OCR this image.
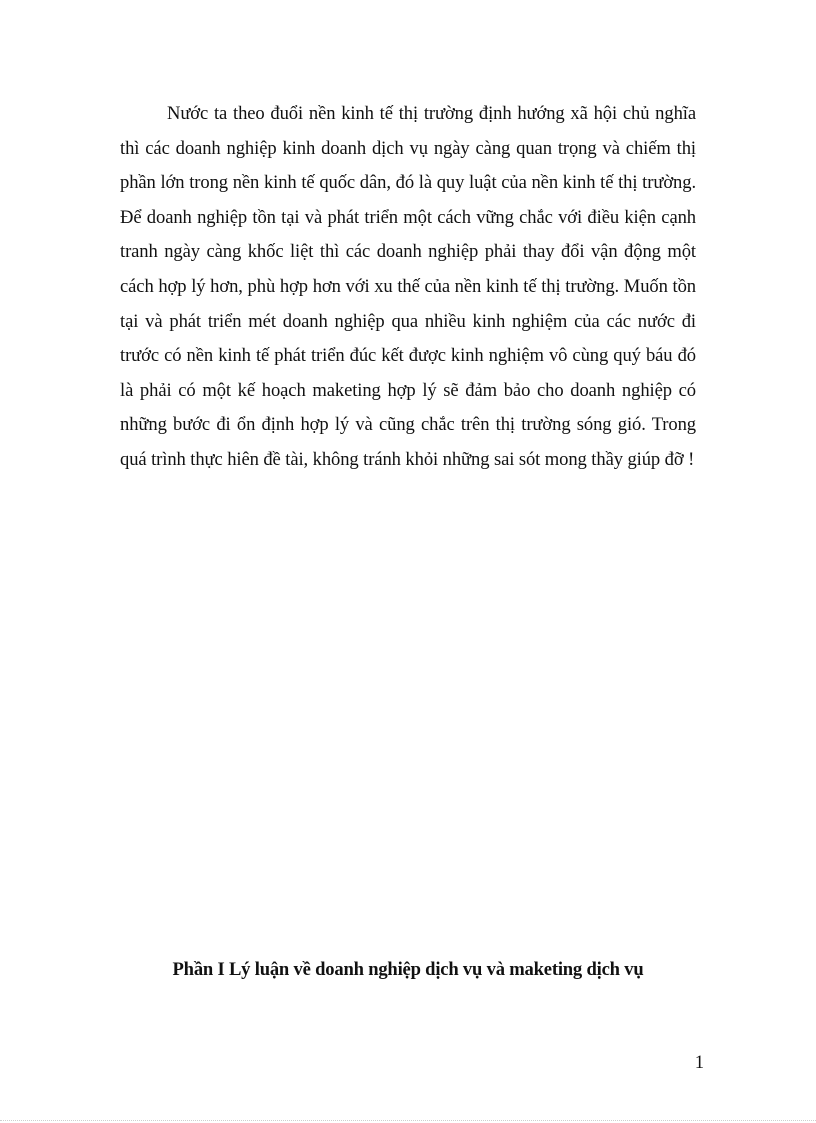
Nước ta theo đuổi nền kinh tế thị trường định hướng xã hội chủ nghĩa thì các doanh nghiệp kinh doanh dịch vụ ngày càng quan trọng và chiếm thị phần lớn trong nền kinh tế quốc dân, đó là quy luật của nền kinh tế thị trường. Để doanh nghiệp tồn tại và phát triển một cách vững chắc với điều kiện cạnh tranh ngày càng khốc liệt thì các doanh nghiệp phải thay đổi vận động một cách hợp lý hơn, phù hợp hơn với xu thế của nền kinh tế thị trường. Muốn tồn tại và phát triển mét doanh nghiệp qua nhiều kinh nghiệm của các nước đi trước có nền kinh tế phát triển đúc kết được kinh nghiệm vô cùng quý báu đó là phải có một kế hoạch maketing hợp lý sẽ đảm bảo cho doanh nghiệp có những bước đi ổn định hợp lý và cũng chắc trên thị trường sóng gió. Trong quá trình thực hiên đề tài, không tránh khỏi những sai sót mong thầy giúp đỡ !

Phần I Lý luận về doanh nghiệp dịch vụ và maketing dịch vụ
1
